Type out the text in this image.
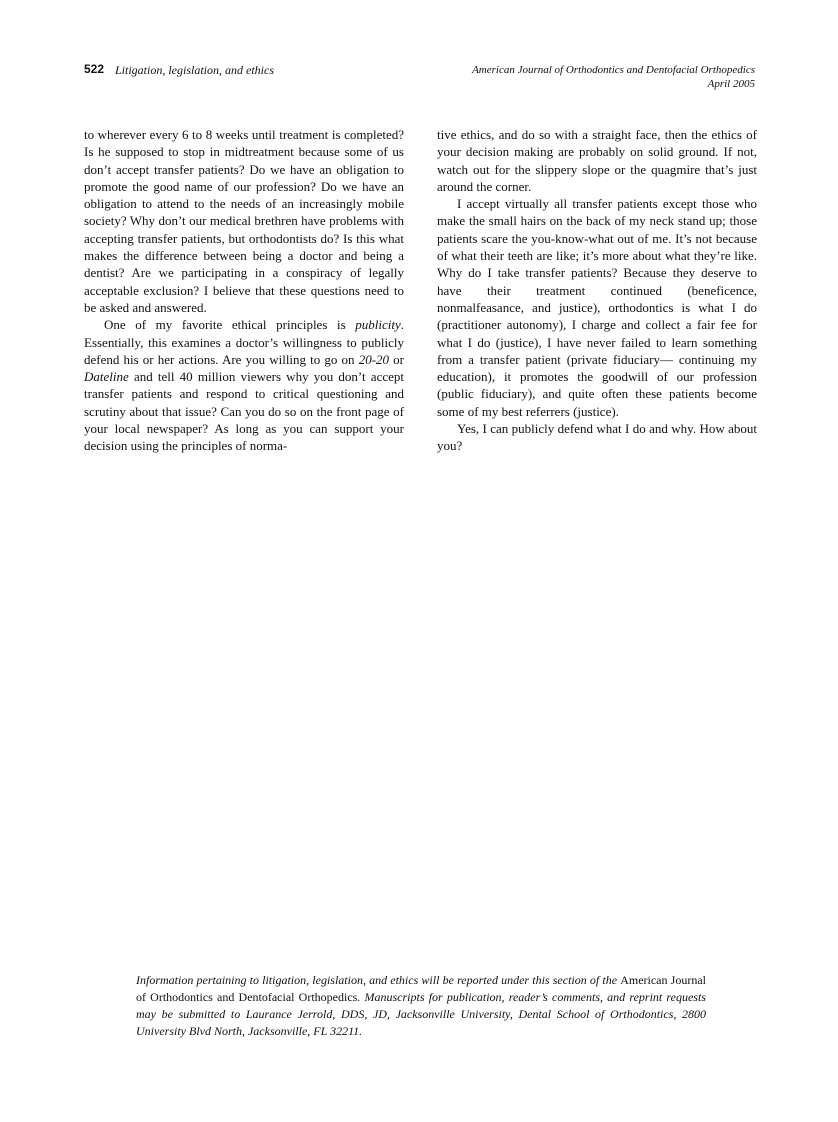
522 Litigation, legislation, and ethics	American Journal of Orthodontics and Dentofacial Orthopedics
April 2005

to wherever every 6 to 8 weeks until treatment is completed? Is he supposed to stop in midtreatment because some of us don’t accept transfer patients? Do we have an obligation to promote the good name of our profession? Do we have an obligation to attend to the needs of an increasingly mobile society? Why don’t our medical brethren have problems with accepting transfer patients, but orthodontists do? Is this what makes the difference between being a doctor and being a dentist? Are we participating in a conspiracy of legally acceptable exclusion? I believe that these questions need to be asked and answered.

One of my favorite ethical principles is publicity. Essentially, this examines a doctor’s willingness to publicly defend his or her actions. Are you willing to go on 20-20 or Dateline and tell 40 million viewers why you don’t accept transfer patients and respond to critical questioning and scrutiny about that issue? Can you do so on the front page of your local newspaper? As long as you can support your decision using the principles of norma-

tive ethics, and do so with a straight face, then the ethics of your decision making are probably on solid ground. If not, watch out for the slippery slope or the quagmire that’s just around the corner.

I accept virtually all transfer patients except those who make the small hairs on the back of my neck stand up; those patients scare the you-know-what out of me. It’s not because of what their teeth are like; it’s more about what they’re like. Why do I take transfer patients? Because they deserve to have their treatment continued (beneficence, nonmalfeasance, and justice), orthodontics is what I do (practitioner autonomy), I charge and collect a fair fee for what I do (justice), I have never failed to learn something from a transfer patient (private fiduciary— continuing my education), it promotes the goodwill of our profession (public fiduciary), and quite often these patients become some of my best referrers (justice).

Yes, I can publicly defend what I do and why. How about you?

Information pertaining to litigation, legislation, and ethics will be reported under this section of the American Journal of Orthodontics and Dentofacial Orthopedics. Manuscripts for publication, reader’s comments, and reprint requests may be submitted to Laurance Jerrold, DDS, JD, Jacksonville University, Dental School of Orthodontics, 2800 University Blvd North, Jacksonville, FL 32211.
